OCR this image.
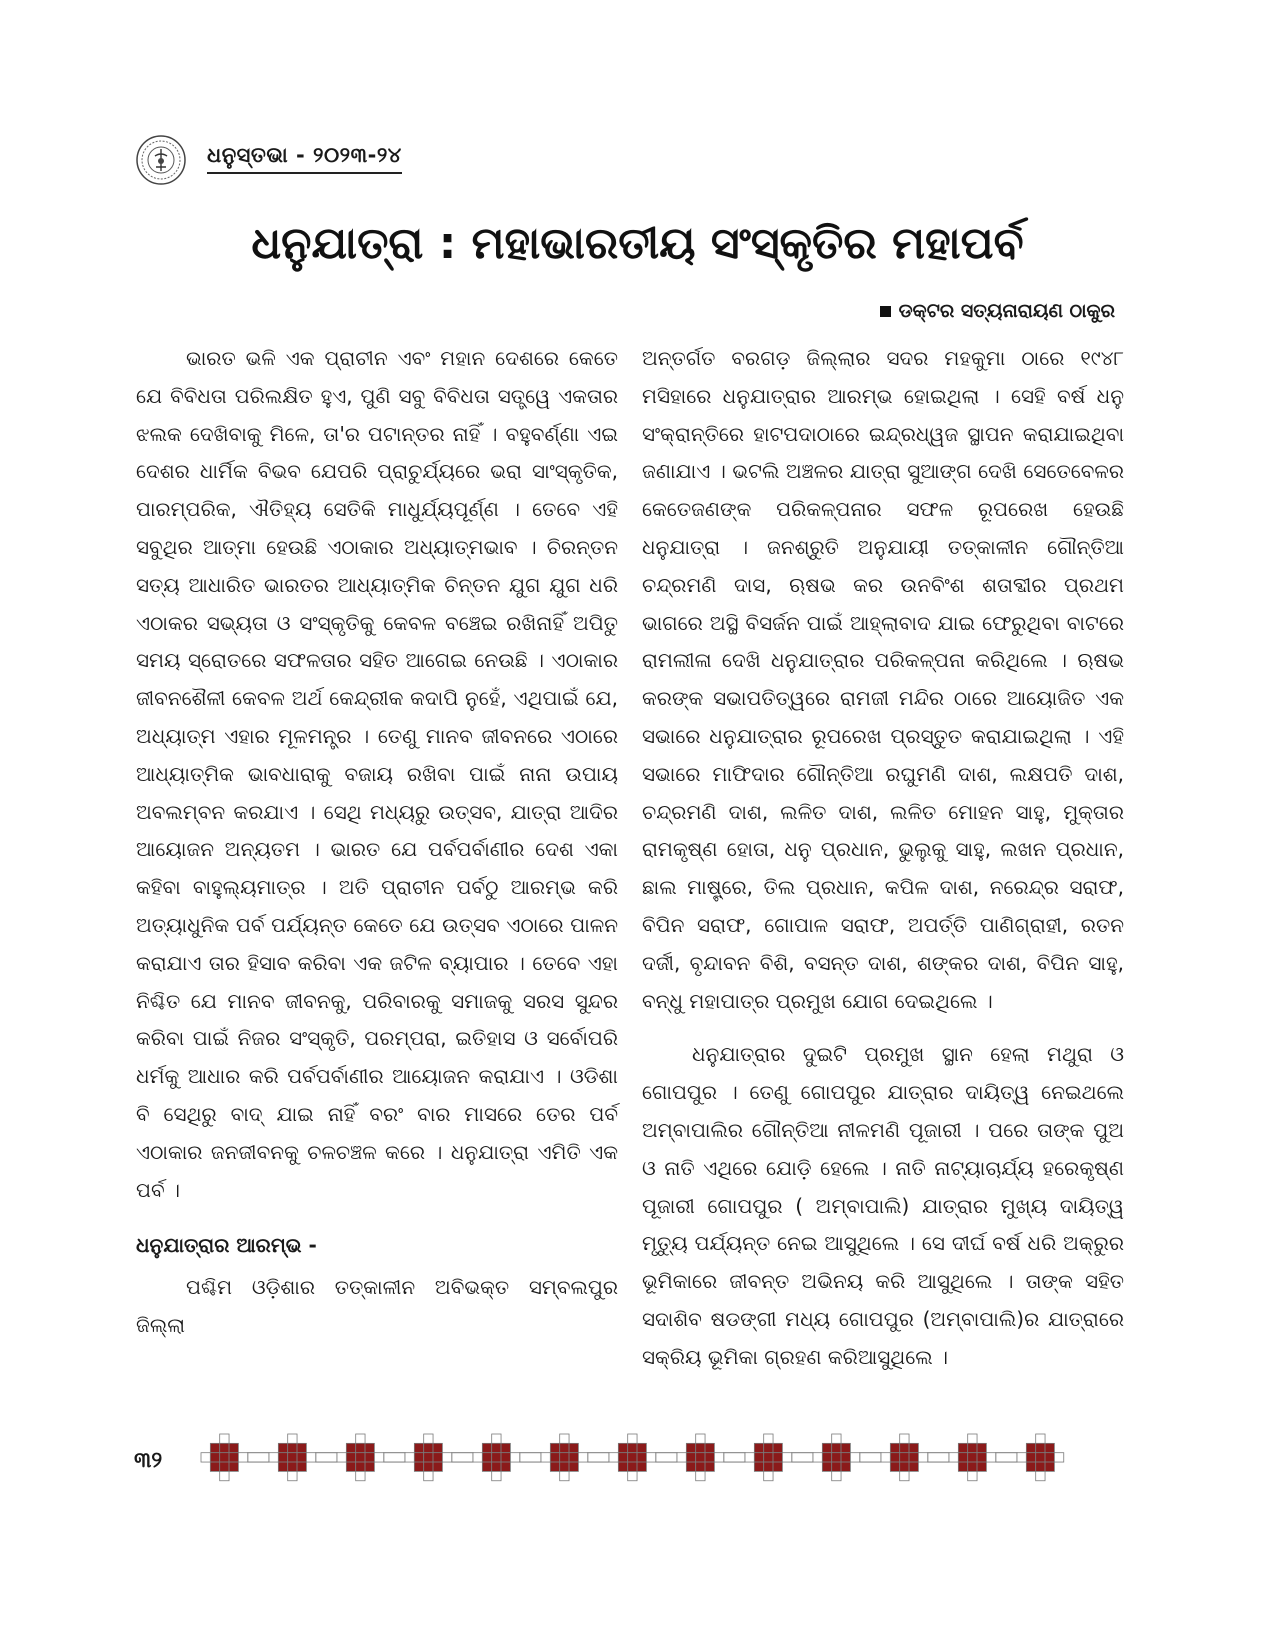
ଧନୁସ୍ତଭା - ୨୦୨୩-୨୪
ଧନୁଯାତ୍ରା : ମହାଭାରତୀୟ ସଂସ୍କୃତିର ମହାପର୍ବ
ଡକ୍ଟର ସତ୍ୟନାରାୟଣ ଠାକୁର

ଭାରତ ଭଳି ଏକ ପ୍ରାଚୀନ ଏବଂ ମହାନ ଦେଶରେ କେତେ ଯେ ବିବିଧତା ପରିଲକ୍ଷିତ ହୁଏ, ପୁଣି ସବୁ ବିବିଧତା ସତ୍ତ୍ୱେ ଏକତାର ଝଲକ ଦେଖିବାକୁ ମିଳେ, ତା'ର ପଟାନ୍ତର ନାହିଁ । ବହୁବର୍ଣ୍ଣା ଏଇ ଦେଶର ଧାର୍ମିକ ବିଭବ ଯେପରି ପ୍ରାଚୁର୍ଯ୍ୟରେ ଭରା ସାଂସ୍କୃତିକ, ପାରମ୍ପରିକ, ଐତିହ୍ୟ ସେତିକି ମାଧୁର୍ଯ୍ୟପୂର୍ଣ୍ଣ । ତେବେ ଏହି ସବୁଥିର ଆତ୍ମା ହେଉଛି ଏଠାକାର ଅଧ୍ୟାତ୍ମଭାବ । ଚିରନ୍ତନ ସତ୍ୟ ଆଧାରିତ ଭାରତର ଆଧ୍ୟାତ୍ମିକ ଚିନ୍ତନ ଯୁଗ ଯୁଗ ଧରି ଏଠାକର ସଭ୍ୟତା ଓ ସଂସ୍କୃତିକୁ କେବଳ ବଞ୍ଚେଇ ରଖିନାହିଁ ଅପିତୁ ସମୟ ସ୍ରୋତରେ ସଫଳତାର ସହିତ ଆଗେଇ ନେଉଛି । ଏଠାକାର ଜୀବନଶୈଳୀ କେବଳ ଅର୍ଥ କେନ୍ଦ୍ରୀକ କଦାପି ନୁହେଁ, ଏଥିପାଇଁ ଯେ, ଅଧ୍ୟାତ୍ମ ଏହାର ମୂଳମନ୍ତ୍ର । ତେଣୁ ମାନବ ଜୀବନରେ ଏଠାରେ ଆଧ୍ୟାତ୍ମିକ ଭାବଧାରାକୁ ବଜାୟ ରଖିବା ପାଇଁ ନାନା ଉପାୟ ଅବଲମ୍ବନ କରଯାଏ । ସେଥି ମଧ୍ୟରୁ ଉତ୍ସବ, ଯାତ୍ରା ଆଦିର ଆୟୋଜନ ଅନ୍ୟତମ । ଭାରତ ଯେ ପର୍ବପର୍ବାଣୀର ଦେଶ ଏକା କହିବା ବାହୁଲ୍ୟମାତ୍ର । ଅତି ପ୍ରାଚୀନ ପର୍ବଠୁ ଆରମ୍ଭ କରି ଅତ୍ୟାଧୁନିକ ପର୍ବ ପର୍ଯ୍ୟନ୍ତ କେତେ ଯେ ଉତ୍ସବ ଏଠାରେ ପାଳନ କରାଯାଏ ତାର ହିସାବ କରିବା ଏକ ଜଟିଳ ବ୍ୟାପାର । ତେବେ ଏହା ନିଶ୍ଚିତ ଯେ ମାନବ ଜୀବନକୁ, ପରିବାରକୁ ସମାଜକୁ ସରସ ସୁନ୍ଦର କରିବା ପାଇଁ ନିଜର ସଂସ୍କୃତି, ପରମ୍ପରା, ଇତିହାସ ଓ ସର୍ବୋପରି ଧର୍ମକୁ ଆଧାର କରି ପର୍ବପର୍ବାଣୀର ଆୟୋଜନ କରାଯାଏ । ଓଡିଶା ବି ସେଥିରୁ ବାଦ୍ ଯାଇ ନାହିଁ ବରଂ ବାର ମାସରେ ତେର ପର୍ବ ଏଠାକାର ଜନଜୀବନକୁ ଚଳଚଞ୍ଚଳ କରେ । ଧନୁଯାତ୍ରା ଏମିତି ଏକ ପର୍ବ ।

ଧନୁଯାତ୍ରାର ଆରମ୍ଭ -

ପଶ୍ଚିମ ଓଡ଼ିଶାର ତତ୍କାଳୀନ ଅବିଭକ୍ତ ସମ୍ବଲପୁର ଜିଲ୍ଲା

ଅନ୍ତର୍ଗତ ବରଗଡ଼ ଜିଲ୍ଲାର ସଦର ମହକୁମା ଠାରେ ୧୯୪୮ ମସିହାରେ ଧନୁଯାତ୍ରାର ଆରମ୍ଭ ହୋଇଥିଲା । ସେହି ବର୍ଷ ଧନୁ ସଂକ୍ରାନ୍ତିରେ ହାଟପଦାଠାରେ ଇନ୍ଦ୍ରଧ୍ୱଜ ସ୍ଥାପନ କରାଯାଇଥିବା ଜଣାଯାଏ । ଭଟଲି ଅଞ୍ଚଳର ଯାତ୍ରା ସୁଆଙ୍ଗ ଦେଖି ସେତେବେଳର କେତେଜଣଙ୍କ ପରିକଳ୍ପନାର ସଫଳ ରୂପରେଖ ହେଉଛି ଧନୁଯାତ୍ରା । ଜନଶ୍ରୁତି ଅନୁଯାୟୀ ତତ୍କାଳୀନ ଗୌନ୍ତିଆ ଚନ୍ଦ୍ରମଣି ଦାସ, ଋଷଭ କର ଉନବିଂଶ ଶତାବ୍ଦୀର ପ୍ରଥମ ଭାଗରେ ଅସ୍ଥି ବିସର୍ଜନ ପାଇଁ ଆହ୍ଲାବାଦ ଯାଇ ଫେରୁଥିବା ବାଟରେ ରାମଲୀଳା ଦେଖି ଧନୁଯାତ୍ରାର ପରିକଳ୍ପନା କରିଥିଲେ । ଋଷଭ କରଙ୍କ ସଭାପତିତ୍ୱରେ ରାମଜୀ ମନ୍ଦିର ଠାରେ ଆୟୋଜିତ ଏକ ସଭାରେ ଧନୁଯାତ୍ରାର ରୂପରେଖ ପ୍ରସ୍ତୁତ କରାଯାଇଥିଲା । ଏହି ସଭାରେ ମାଫିଦାର ଗୌନ୍ତିଆ ରଘୁମଣି ଦାଶ, ଲକ୍ଷପତି ଦାଶ, ଚନ୍ଦ୍ରମଣି ଦାଶ, ଲଳିତ ଦାଶ, ଲଳିତ ମୋହନ ସାହୁ, ମୁକ୍ତାର ରାମକୃଷ୍ଣ ହୋତା, ଧନୁ ପ୍ରଧାନ, ଭୁଲୁକୁ ସାହୁ, ଲଖନ ପ୍ରଧାନ, ଛାଲ ମାଷ୍ଟ୍ରେ, ତିଲ ପ୍ରଧାନ, କପିଳ ଦାଶ, ନରେନ୍ଦ୍ର ସରାଫ, ବିପିନ ସରାଫ, ଗୋପାଳ ସରାଫ, ଅପର୍ତ୍ତି ପାଣିଗ୍ରାହୀ, ରତନ ଦର୍ଜୀ, ବୃନ୍ଦାବନ ବିଶି, ବସନ୍ତ ଦାଶ, ଶଙ୍କର ଦାଶ, ବିପିନ ସାହୁ, ବନ୍ଧୁ ମହାପାତ୍ର ପ୍ରମୁଖ ଯୋଗ ଦେଇଥିଲେ ।

ଧନୁଯାତ୍ରାର ଦୁଇଟି ପ୍ରମୁଖ ସ୍ଥାନ ହେଲା ମଥୁରା ଓ ଗୋପପୁର । ତେଣୁ ଗୋପପୁର ଯାତ୍ରାର ଦାୟିତ୍ୱ ନେଇଥଲେ ଅମ୍ବାପାଲିର ଗୌନ୍ତିଆ ନୀଳମଣି ପୂଜାରୀ । ପରେ ତାଙ୍କ ପୁଅ ଓ ନାତି ଏଥିରେ ଯୋଡ଼ି ହେଲେ । ନାତି ନାଟ୍ୟାଚାର୍ଯ୍ୟ ହରେକୃଷ୍ଣ ପୂଜାରୀ ଗୋପପୁର ( ଅମ୍ବାପାଲି) ଯାତ୍ରାର ମୁଖ୍ୟ ଦାୟିତ୍ୱ ମୃତ୍ୟୁ ପର୍ଯ୍ୟନ୍ତ ନେଇ ଆସୁଥିଲେ । ସେ ଦୀର୍ଘ ବର୍ଷ ଧରି ଅକ୍ରୁର ଭୂମିକାରେ ଜୀବନ୍ତ ଅଭିନୟ କରି ଆସୁଥିଲେ । ତାଙ୍କ ସହିତ ସଦାଶିବ ଷଡଙ୍ଗୀ ମଧ୍ୟ ଗୋପପୁର (ଅମ୍ବାପାଲି)ର ଯାତ୍ରାରେ ସକ୍ରିୟ ଭୂମିକା ଗ୍ରହଣ କରିଆସୁଥିଲେ ।

୩୨
